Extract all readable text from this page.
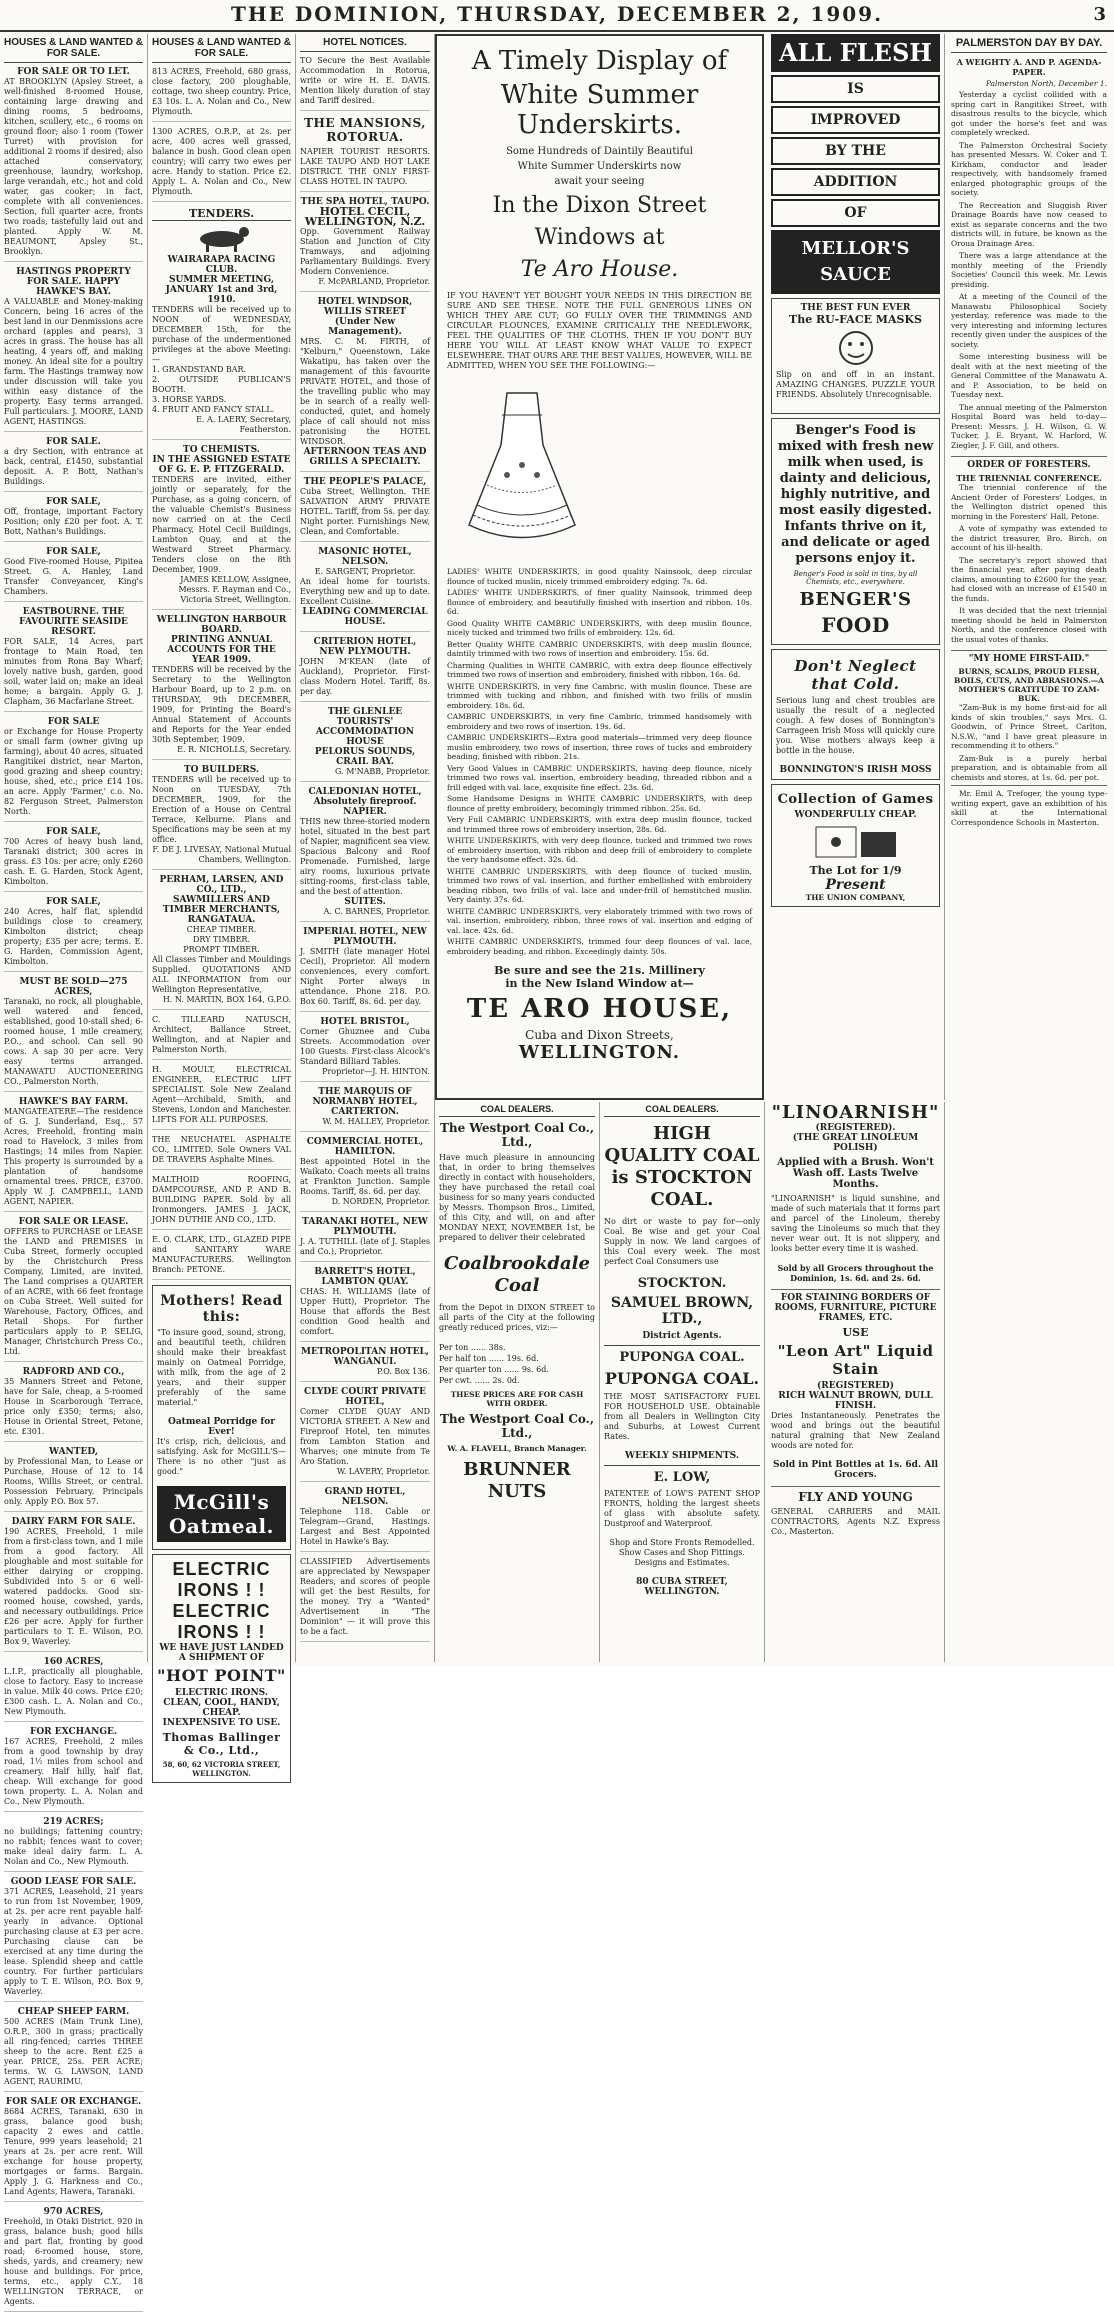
THE DOMINION, THURSDAY, DECEMBER 2, 1909.	3
HOUSES & LAND WANTED & FOR SALE.
FOR SALE OR TO LET.
AT BROOKLYN (Apsley Street, a well-finished 8-roomed House, containing large drawing and dining rooms, 5 bedrooms, kitchen, scullery, etc., 6 rooms on ground floor; also 1 room (Tower Turret) with provision for additional 2 rooms if desired; also attached conservatory, greenhouse, laundry, workshop, large verandah, etc.; hot and cold water, gas cooker; in fact, complete with all conveniences. Section, full quarter acre, fronts two roads, tastefully laid out and planted. Apply W. M. BEAUMONT, Apsley St., Brooklyn.
HASTINGS PROPERTY FOR SALE. HAPPY HAWKE'S BAY.
A VALUABLE and Money-making Concern, being 16 acres of the best land in our Denmissions acre orchard (apples and pears), 3 acres in grass. The house has all heating, 4 years off, and making money. An ideal site for a poultry farm. The Hastings tramway now under discussion will take you within easy distance of the property. Easy terms arranged. Full particulars. J. MOORE, LAND AGENT, HASTINGS.
FOR SALE.
a dry Section, with entrance at back, central, £1450, substantial deposit. A. P. Bott, Nathan's Buildings.
FOR SALE,
Off, frontage, important Factory Position; only £20 per foot. A. T. Bott, Nathan's Buildings.
FOR SALE,
Good Five-roomed House, Pipitea Street. G. A. Hanley, Land Transfer Conveyancer, King's Chambers.
EASTBOURNE. THE FAVOURITE SEASIDE RESORT.
FOR SALE, 14 Acres, part frontage to Main Road, ten minutes from Rona Bay Wharf; lovely native bush, garden, good soil, water laid on; make an ideal home; a bargain. Apply G. J. Clapham, 36 Macfarlane Street.
FOR SALE
or Exchange for House Property or small farm (owner giving up farming), about 40 acres, situated Rangitikei district, near Marton, good grazing and sheep country; house, shed, etc.; price £14 10s. an acre. Apply 'Farmer,' c.o. No. 82 Ferguson Street, Palmerston North.
FOR SALE,
700 Acres of heavy bush land, Taranaki district; 300 acres in grass. £3 10s. per acre; only £260 cash. E. G. Harden, Stock Agent, Kimbolton.
FOR SALE,
240 Acres, half flat, splendid buildings close to creamery, Kimbolton district; cheap property; £35 per acre; terms. E. G. Harden, Commission Agent, Kimbolton.
MUST BE SOLD—275 ACRES,
Taranaki, no rock, all ploughable, well watered and fenced, established, good 10-stall shed; 6-roomed house, 1 mile creamery, P.O., and school. Can sell 90 cows. A sap 30 per acre. Very easy terms arranged. MANAWATU AUCTIONEERING CO., Palmerston North.
HAWKE'S BAY FARM.
MANGATEATERE—The residence of G. J. Sunderland, Esq., 57 Acres, Freehold, fronting main road to Havelock, 3 miles from Hastings; 14 miles from Napier. This property is surrounded by a plantation of handsome ornamental trees. PRICE, £3700. Apply W. J. CAMPBELL, LAND AGENT, NAPIER.
FOR SALE OR LEASE.
OFFERS to PURCHASE or LEASE the LAND and PREMISES in Cuba Street, formerly occupied by the Christchurch Press Company, Limited, are invited. The Land comprises a QUARTER of an ACRE, with 66 feet frontage on Cuba Street. Well suited for Warehouse, Factory, Offices, and Retail Shops. For further particulars apply to P. SELIG, Manager, Christchurch Press Co., Ltd.
RADFORD AND CO.,
35 Manners Street and Petone, have for Sale, cheap, a 5-roomed House in Scarborough Terrace, price only £350; terms; also, House in Oriental Street, Petone, etc. £301.
WANTED,
by Professional Man, to Lease or Purchase, House of 12 to 14 Rooms, Willis Street, or central. Possession February. Principals only. Apply P.O. Box 57.
DAIRY FARM FOR SALE.
190 ACRES, Freehold, 1 mile from a first-class town, and 1 mile from a good factory. All ploughable and most suitable for either dairying or cropping. Subdivided into 5 or 6 well-watered paddocks. Good six-roomed house, cowshed, yards, and necessary outbuildings. Price £26 per acre. Apply for further particulars to T. E. Wilson, P.O. Box 9, Waverley.
160 ACRES,
L.I.P., practically all ploughable, close to factory. Easy to increase in value. Milk 40 cows. Price £20; £300 cash. L. A. Nolan and Co., New Plymouth.
FOR EXCHANGE.
167 ACRES, Freehold, 2 miles from a good township by dray road, 1½ miles from school and creamery. Half hilly, half flat, cheap. Will exchange for good town property. L. A. Nolan and Co., New Plymouth.
219 ACRES;
no buildings; fattening country; no rabbit; fences want to cover; make ideal dairy farm. L. A. Nolan and Co., New Plymouth.
GOOD LEASE FOR SALE.
371 ACRES, Leasehold, 21 years to run from 1st November, 1909, at 2s. per acre rent payable half-yearly in advance. Optional purchasing clause at £3 per acre. Purchasing clause can be exercised at any time during the lease. Splendid sheep and cattle country. For further particulars apply to T. E. Wilson, P.O. Box 9, Waverley.
CHEAP SHEEP FARM.
500 ACRES (Main Trunk Line), O.R.P., 300 in grass; practically all ring-fenced; carries THREE sheep to the acre. Rent £25 a year. PRICE, 25s. PER ACRE; terms. W. G. LAWSON, LAND AGENT, RAURIMU.
FOR SALE OR EXCHANGE.
8684 ACRES, Taranaki, 630 in grass, balance good bush; capacity 2 ewes and cattle. Tenure, 999 years leasehold; 21 years at 2s. per acre rent. Will exchange for house property, mortgages or farms. Bargain. Apply J. G. Harkness and Co., Land Agents, Hawera, Taranaki.
970 ACRES,
Freehold, in Otaki District. 920 in grass, balance bush; good hills and part flat, fronting by good road; 6-roomed house, store, sheds, yards, and creamery; new house and buildings. For price, terms, etc., apply C.Y., 18 WELLINGTON TERRACE, or Agents.
HOUSES & LAND WANTED & FOR SALE.

813 ACRES, Freehold, 680 grass, close factory, 200 ploughable, cottage, two sheep country. Price, £3 10s. L. A. Nolan and Co., New Plymouth.

1300 ACRES, O.R.P., at 2s. per acre, 400 acres well grassed, balance in bush. Good clean open country; will carry two ewes per acre. Handy to station. Price £2. Apply L. A. Nolan and Co., New Plymouth.

TENDERS.
WAIRARAPA RACING CLUB.
SUMMER MEETING,
JANUARY 1st and 3rd, 1910.
TENDERS will be received up to NOON of WEDNESDAY, DECEMBER 15th, for the purchase of the undermentioned privileges at the above Meeting:—
1. GRANDSTAND BAR.
2. OUTSIDE PUBLICAN'S BOOTH.
3. HORSE YARDS.
4. FRUIT AND FANCY STALL.
E. A. LAERY, Secretary, Featherston.
TO CHEMISTS.
IN THE ASSIGNED ESTATE OF G. E. P. FITZGERALD.
TENDERS are invited, either jointly or separately, for the Purchase, as a going concern, of the valuable Chemist's Business now carried on at the Cecil Pharmacy, Hotel Cecil Buildings, Lambton Quay, and at the Westward Street Pharmacy. Tenders close on the 8th December, 1909.
JAMES KELLOW, Assignee, Messrs. F. Rayman and Co., Victoria Street, Wellington.
WELLINGTON HARBOUR BOARD.
PRINTING ANNUAL ACCOUNTS FOR THE YEAR 1909.
TENDERS will be received by the Secretary to the Wellington Harbour Board, up to 2 p.m. on THURSDAY, 9th DECEMBER, 1909, for Printing the Board's Annual Statement of Accounts and Reports for the Year ended 30th September, 1909.
E. R. NICHOLLS, Secretary.
TO BUILDERS.
TENDERS will be received up to Noon on TUESDAY, 7th DECEMBER, 1909, for the Erection of a House on Central Terrace, Kelburne. Plans and Specifications may be seen at my office.
F. DE J. LIVESAY, National Mutual Chambers, Wellington.
PERHAM, LARSEN, AND CO., LTD.,
SAWMILLERS AND TIMBER MERCHANTS,
RANGATAUA.
CHEAP TIMBER.
DRY TIMBER.
PROMPT TIMBER.
All Classes Timber and Mouldings Supplied. QUOTATIONS AND ALL INFORMATION from our Wellington Representative,
H. N. MARTIN, BOX 164, G.P.O.

C. TILLEARD NATUSCH, Architect, Ballance Street, Wellington, and at Napier and Palmerston North.

H. MOULT, ELECTRICAL ENGINEER, ELECTRIC LIFT SPECIALIST. Sole New Zealand Agent—Archibald, Smith, and Stevens, London and Manchester. LIFTS FOR ALL PURPOSES.

THE NEUCHATEL ASPHALTE CO., LIMITED. Sole Owners VAL DE TRAVERS Asphalte Mines.

MALTHOID ROOFING, DAMPCOURSE, AND P. AND B. BUILDING PAPER. Sold by all Ironmongers. JAMES J. JACK, JOHN DUTHIE AND CO., LTD.

E. O. CLARK, LTD., GLAZED PIPE and SANITARY WARE MANUFACTURERS. Wellington Branch: PETONE.

Mothers! Read this:
"To insure good, sound, strong, and beautiful teeth, children should make their breakfast mainly on Oatmeal Porridge, with milk, from the age of 2 years, and their supper preferably of the same material."
Oatmeal Porridge for Ever!
It's crisp, rich, delicious, and satisfying. Ask for McGILL'S—There is no other "just as good."
McGill's Oatmeal.
ELECTRIC IRONS ! !
ELECTRIC IRONS ! !
WE HAVE JUST LANDED A SHIPMENT OF
"HOT POINT"
ELECTRIC IRONS.
CLEAN, COOL, HANDY, CHEAP.
INEXPENSIVE TO USE.
Thomas Ballinger & Co., Ltd.,
58, 60, 62 VICTORIA STREET, WELLINGTON.
HOTEL NOTICES.

TO Secure the Best Available Accommodation in Rotorua, write or wire H. E. DAVIS. Mention likely duration of stay and Tariff desired.

THE MANSIONS, ROTORUA.

NAPIER TOURIST RESORTS. LAKE TAUPO AND HOT LAKE DISTRICT. THE ONLY FIRST-CLASS HOTEL IN TAUPO.

THE SPA HOTEL, TAUPO.
HOTEL CECIL, WELLINGTON, N.Z.
Opp. Government Railway Station and Junction of City Tramways, and adjoining Parliamentary Buildings. Every Modern Convenience.
F. McPARLAND, Proprietor.
HOTEL WINDSOR, WILLIS STREET
(Under New Management).
MRS. C. M. FIRTH, of "Kelburn," Queenstown, Lake Wakatipu, has taken over the management of this favourite PRIVATE HOTEL, and those of the travelling public who may be in search of a really well-conducted, quiet, and homely place of call should not miss patronising the HOTEL WINDSOR.
AFTERNOON TEAS AND GRILLS A SPECIALTY.
THE PEOPLE'S PALACE,
Cuba Street, Wellington. THE SALVATION ARMY PRIVATE HOTEL. Tariff, from 5s. per day. Night porter. Furnishings New, Clean, and Comfortable.
MASONIC HOTEL, NELSON.
E. SARGENT, Proprietor.
An ideal home for tourists. Everything new and up to date. Excellent Cuisine.
LEADING COMMERCIAL HOUSE.
CRITERION HOTEL, NEW PLYMOUTH.
JOHN M'KEAN (late of Auckland), Proprietor. First-class Modern Hotel. Tariff, 8s. per day.
THE GLENLEE TOURISTS' ACCOMMODATION HOUSE
PELORUS SOUNDS, CRAIL BAY.
G. M'NABB, Proprietor.
CALEDONIAN HOTEL,
Absolutely fireproof. NAPIER.
THIS new three-storied modern hotel, situated in the best part of Napier, magnificent sea view. Spacious Balcony and Roof Promenade. Furnished, large airy rooms, luxurious private sitting-rooms, first-class table, and the best of attention.
SUITES.
A. C. BARNES, Proprietor.
IMPERIAL HOTEL, NEW PLYMOUTH.
J. SMITH (late manager Hotel Cecil), Proprietor. All modern conveniences, every comfort. Night Porter always in attendance. Phone 218. P.O. Box 60. Tariff, 8s. 6d. per day.
HOTEL BRISTOL,
Corner Ghuznee and Cuba Streets. Accommodation over 100 Guests. First-class Alcock's Standard Billiard Tables.
Proprietor—J. H. HINTON.
THE MARQUIS OF NORMANBY HOTEL, CARTERTON.
W. M. HALLEY, Proprietor.
COMMERCIAL HOTEL, HAMILTON.
Best appointed Hotel in the Waikato. Coach meets all trains at Frankton Junction. Sample Rooms. Tariff, 8s. 6d. per day.
D. NORDEN, Proprietor.
TARANAKI HOTEL, NEW PLYMOUTH.
J. A. TUTHILL (late of J. Staples and Co.), Proprietor.
BARRETT'S HOTEL, LAMBTON QUAY.
CHAS. H. WILLIAMS (late of Upper Hutt), Proprietor. The House that affords the Best condition Good health and comfort.
METROPOLITAN HOTEL, WANGANUI.
P.O. Box 136.
CLYDE COURT PRIVATE HOTEL,
Corner CLYDE QUAY AND VICTORIA STREET. A New and Fireproof Hotel, ten minutes from Lambton Station and Wharves; one minute from Te Aro Station.
W. LAVERY, Proprietor.
GRAND HOTEL, NELSON.
Telephone 118. Cable or Telegram—Grand, Hastings. Largest and Best Appointed Hotel in Hawke's Bay.

CLASSIFIED Advertisements are appreciated by Newspaper Readers, and scores of people will get the best Results, for the money. Try a "Wanted" Advertisement in "The Dominion" — it will prove this to be a fact.

A Timely Display of
White Summer Underskirts.
Some Hundreds of Daintily Beautiful
White Summer Underskirts now
await your seeing
In the Dixon Street
Windows at
Te Aro House.
IF YOU HAVEN'T YET BOUGHT YOUR NEEDS IN THIS DIRECTION BE SURE AND SEE THESE. NOTE THE FULL GENEROUS LINES ON WHICH THEY ARE CUT; GO FULLY OVER THE TRIMMINGS AND CIRCULAR FLOUNCES, EXAMINE CRITICALLY THE NEEDLEWORK, FEEL THE QUALITIES OF THE CLOTHS. THEN IF YOU DON'T BUY HERE YOU WILL AT LEAST KNOW WHAT VALUE TO EXPECT ELSEWHERE. THAT OURS ARE THE BEST VALUES, HOWEVER, WILL BE ADMITTED, WHEN YOU SEE THE FOLLOWING:—

LADIES' WHITE UNDERSKIRTS, in good quality Nainsook, deep circular flounce of tucked muslin, nicely trimmed embroidery edging. 7s. 6d.

LADIES' WHITE UNDERSKIRTS, of finer quality Nainsook, trimmed deep flounce of embroidery, and beautifully finished with insertion and ribbon. 10s. 6d.

Good Quality WHITE CAMBRIC UNDERSKIRTS, with deep muslin flounce, nicely tucked and trimmed two frills of embroidery. 12s. 6d.

Better Quality WHITE CAMBRIC UNDERSKIRTS, with deep muslin flounce, daintily trimmed with two rows of insertion and embroidery. 15s. 6d.

Charming Qualities in WHITE CAMBRIC, with extra deep flounce effectively trimmed two rows of insertion and embroidery, finished with ribbon. 16s. 6d.

WHITE UNDERSKIRTS, in very fine Cambric, with muslin flounce. These are trimmed with tucking and ribbon, and finished with two frills of muslin embroidery. 18s. 6d.

CAMBRIC UNDERSKIRTS, in very fine Cambric, trimmed handsomely with embroidery and two rows of insertion. 19s. 6d.

CAMBRIC UNDERSKIRTS—Extra good materials—trimmed very deep flounce muslin embroidery, two rows of insertion, three rows of tucks and embroidery beading, finished with ribbon. 21s.

Very Good Values in CAMBRIC UNDERSKIRTS, having deep flounce, nicely trimmed two rows val. insertion, embroidery beading, threaded ribbon and a frill edged with val. lace, exquisite fine effect. 23s. 6d.

Some Handsome Designs in WHITE CAMBRIC UNDERSKIRTS, with deep flounce of pretty embroidery, becomingly trimmed ribbon. 25s. 6d.

Very Full CAMBRIC UNDERSKIRTS, with extra deep muslin flounce, tucked and trimmed three rows of embroidery insertion, 28s. 6d.

WHITE UNDERSKIRTS, with very deep flounce, tucked and trimmed two rows of embroidery insertion, with ribbon and deep frill of embroidery to complete the very handsome effect. 32s. 6d.

WHITE CAMBRIC UNDERSKIRTS, with deep flounce of tucked muslin, trimmed two rows of val. insertion, and further embellished with embroidery beading ribbon, two frills of val. lace and under-frill of hemstitched muslin. Very dainty. 37s. 6d.

WHITE CAMBRIC UNDERSKIRTS, very elaborately trimmed with two rows of val. insertion, embroidery, ribbon, three rows of val. insertion and edging of val. lace. 42s. 6d.

WHITE CAMBRIC UNDERSKIRTS, trimmed four deep flounces of val. lace, embroidery beading, and ribbon. Exceedingly dainty. 50s.

Be sure and see the 21s. Millinery
in the New Island Window at—
TE ARO HOUSE,
Cuba and Dixon Streets,
WELLINGTON.
COAL DEALERS.
The Westport Coal Co., Ltd.,
Have much pleasure in announcing that, in order to bring themselves directly in contact with householders, they have purchased the retail coal business for so many years conducted by Messrs. Thompson Bros., Limited, of this City, and will, on and after MONDAY NEXT, NOVEMBER 1st, be prepared to deliver their celebrated
Coalbrookdale Coal
from the Depot in DIXON STREET to all parts of the City at the following greatly reduced prices, viz:—
Per ton ...... 38s.
Per half ton ...... 19s. 6d.
Per quarter ton ...... 9s. 6d.
Per cwt. ...... 2s. 0d.
THESE PRICES ARE FOR CASH WITH ORDER.
The Westport Coal Co., Ltd.,
W. A. FLAVELL, Branch Manager.
BRUNNER NUTS
COAL DEALERS.
HIGH QUALITY COAL is STOCKTON COAL.
No dirt or waste to pay for—only Coal. Be wise and get your Coal Supply in now. We land cargoes of this Coal every week. The most perfect Coal Consumers use
STOCKTON.
SAMUEL BROWN, LTD.,
District Agents.
PUPONGA COAL.
PUPONGA COAL.
THE MOST SATISFACTORY FUEL FOR HOUSEHOLD USE. Obtainable from all Dealers in Wellington City and Suburbs, at Lowest Current Rates.
WEEKLY SHIPMENTS.
E. LOW,
PATENTEE of LOW'S PATENT SHOP FRONTS, holding the largest sheets of glass with absolute safety. Dustproof and Waterproof.
Shop and Store Fronts Remodelled. Show Cases and Shop Fittings. Designs and Estimates.
80 CUBA STREET, WELLINGTON.
ALL FLESH
IS
IMPROVED
BY THE
ADDITION
OF
MELLOR'S SAUCE
THE BEST FUN EVER
The RU-FACE MASKS
Slip on and off in an instant. AMAZING CHANGES. PUZZLE YOUR FRIENDS. Absolutely Unrecognisable.
Benger's Food is mixed with fresh new milk when used, is dainty and delicious, highly nutritive, and most easily digested. Infants thrive on it, and delicate or aged persons enjoy it.
Benger's Food is sold in tins, by all Chemists, etc., everywhere.
BENGER'S
FOOD
Don't Neglect that Cold.
Serious lung and chest troubles are usually the result of a neglected cough. A few doses of Bonnington's Carrageen Irish Moss will quickly cure you. Wise mothers always keep a bottle in the house.
BONNINGTON'S IRISH MOSS
Collection of Games
WONDERFULLY CHEAP.
The Lot for 1/9
Present
THE UNION COMPANY,
"LINOARNISH"
(REGISTERED).
(THE GREAT LINOLEUM POLISH)
Applied with a Brush. Won't Wash off. Lasts Twelve Months.
"LINOARNISH" is liquid sunshine, and made of such materials that it forms part and parcel of the Linoleum, thereby saving the Linoleums so much that they never wear out. It is not slippery, and looks better every time it is washed.
Sold by all Grocers throughout the Dominion, 1s. 6d. and 2s. 6d.
FOR STAINING BORDERS OF ROOMS, FURNITURE, PICTURE FRAMES, ETC.
USE
"Leon Art" Liquid Stain
(REGISTERED)
RICH WALNUT BROWN, DULL FINISH.
Dries Instantaneously. Penetrates the wood and brings out the beautiful natural graining that New Zealand woods are noted for.
Sold in Pint Bottles at 1s. 6d. All Grocers.
FLY AND YOUNG
GENERAL CARRIERS and MAIL CONTRACTORS, Agents N.Z. Express Co., Masterton.
PALMERSTON DAY BY DAY.
A WEIGHTY A. AND P. AGENDA-PAPER.
Palmerston North, December 1.

Yesterday a cyclist collided with a spring cart in Rangitikei Street, with disastrous results to the bicycle, which got under the horse's feet and was completely wrecked.

The Palmerston Orchestral Society has presented Messrs. W. Coker and T. Kirkham, conductor and leader respectively, with handsomely framed enlarged photographic groups of the society.

The Recreation and Sluggish River Drainage Boards have now ceased to exist as separate concerns and the two districts will, in future, be known as the Oroua Drainage Area.

There was a large attendance at the monthly meeting of the Friendly Societies' Council this week. Mr. Lewis presiding.

At a meeting of the Council of the Manawatu Philosophical Society yesterday, reference was made to the very interesting and informing lectures recently given under the auspices of the society.

Some interesting business will be dealt with at the next meeting of the General Committee of the Manawatu A. and P. Association, to be held on Tuesday next.

The annual meeting of the Palmerston Hospital Board was held to-day—Present: Messrs. J. H. Wilson, G. W. Tucker, J. E. Bryant, W. Harford, W. Ziegler, J. F. Gill, and others.

ORDER OF FORESTERS.
THE TRIENNIAL CONFERENCE.

The triennial conference of the Ancient Order of Foresters' Lodges, in the Wellington district opened this morning in the Foresters' Hall, Petone.

A vote of sympathy was extended to the district treasurer, Bro. Birch, on account of his ill-health.

The secretary's report showed that the financial year, after paying death claims, amounting to £2600 for the year, had closed with an increase of £1540 in the funds.

It was decided that the next triennial meeting should be held in Palmerston North, and the conference closed with the usual votes of thanks.

"MY HOME FIRST-AID."
BURNS, SCALDS, PROUD FLESH, BOILS, CUTS, AND ABRASIONS.—A MOTHER'S GRATITUDE TO ZAM-BUK.

"Zam-Buk is my home first-aid for all kinds of skin troubles," says Mrs. G. Goodwin, of Prince Street, Carlton, N.S.W., "and I have great pleasure in recommending it to others."

Zam-Buk is a purely herbal preparation, and is obtainable from all chemists and stores, at 1s. 6d. per pot.

Mr. Emil A. Trefoger, the young type-writing expert, gave an exhibition of his skill at the International Correspondence Schools in Masterton.
